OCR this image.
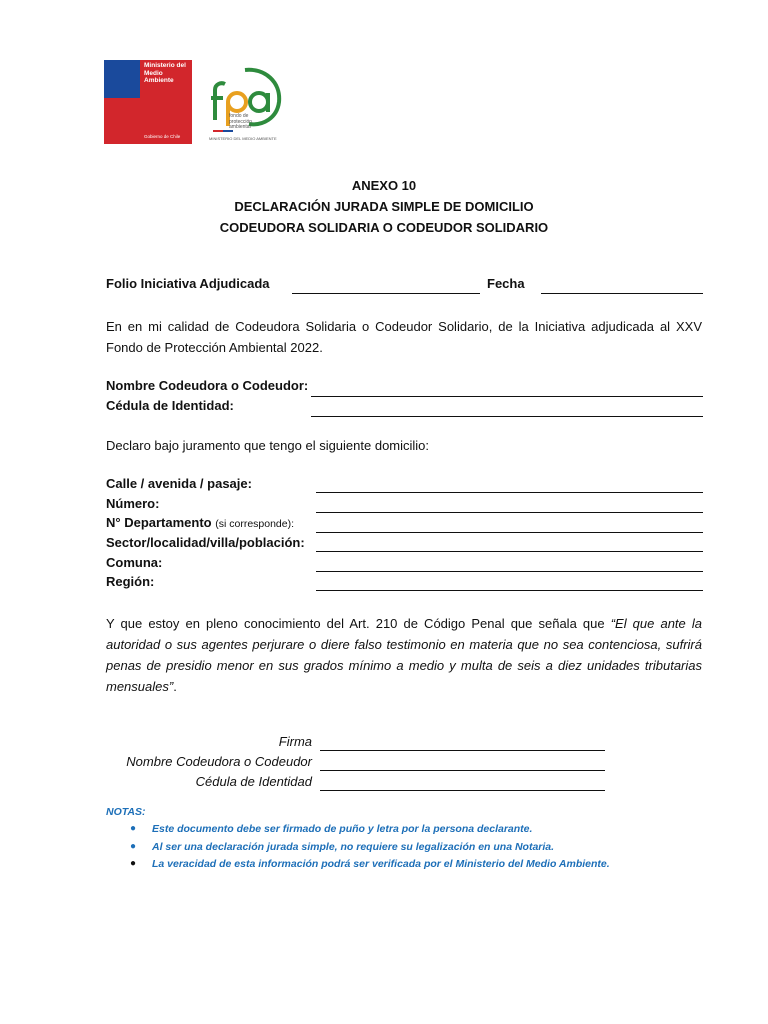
Ministerio del Medio Ambiente
Gobierno de Chile
fondo de protección ambiental
MINISTERIO DEL MEDIO AMBIENTE
ANEXO 10
DECLARACIÓN JURADA SIMPLE DE DOMICILIO
CODEUDORA SOLIDARIA O CODEUDOR SOLIDARIO
Folio Iniciativa Adjudicada	Fecha
En en mi calidad de Codeudora Solidaria o Codeudor Solidario, de la Iniciativa adjudicada al XXV Fondo de Protección Ambiental 2022.
Nombre Codeudora o Codeudor:
Cédula de Identidad:
Declaro bajo juramento que tengo el siguiente domicilio:
Calle / avenida / pasaje:
Número:
N° Departamento (si corresponde):
Sector/localidad/villa/población:
Comuna:
Región:
Y que estoy en pleno conocimiento del Art. 210 de Código Penal que señala que “El que ante la autoridad o sus agentes perjurare o diere falso testimonio en materia que no sea contenciosa, sufrirá penas de presidio menor en sus grados mínimo a medio y multa de seis a diez unidades tributarias mensuales”.
Firma
Nombre Codeudora o Codeudor
Cédula de Identidad
NOTAS:
● Este documento debe ser firmado de puño y letra por la persona declarante.
● Al ser una declaración jurada simple, no requiere su legalización en una Notaria.
● La veracidad de esta información podrá ser verificada por el Ministerio del Medio Ambiente.
